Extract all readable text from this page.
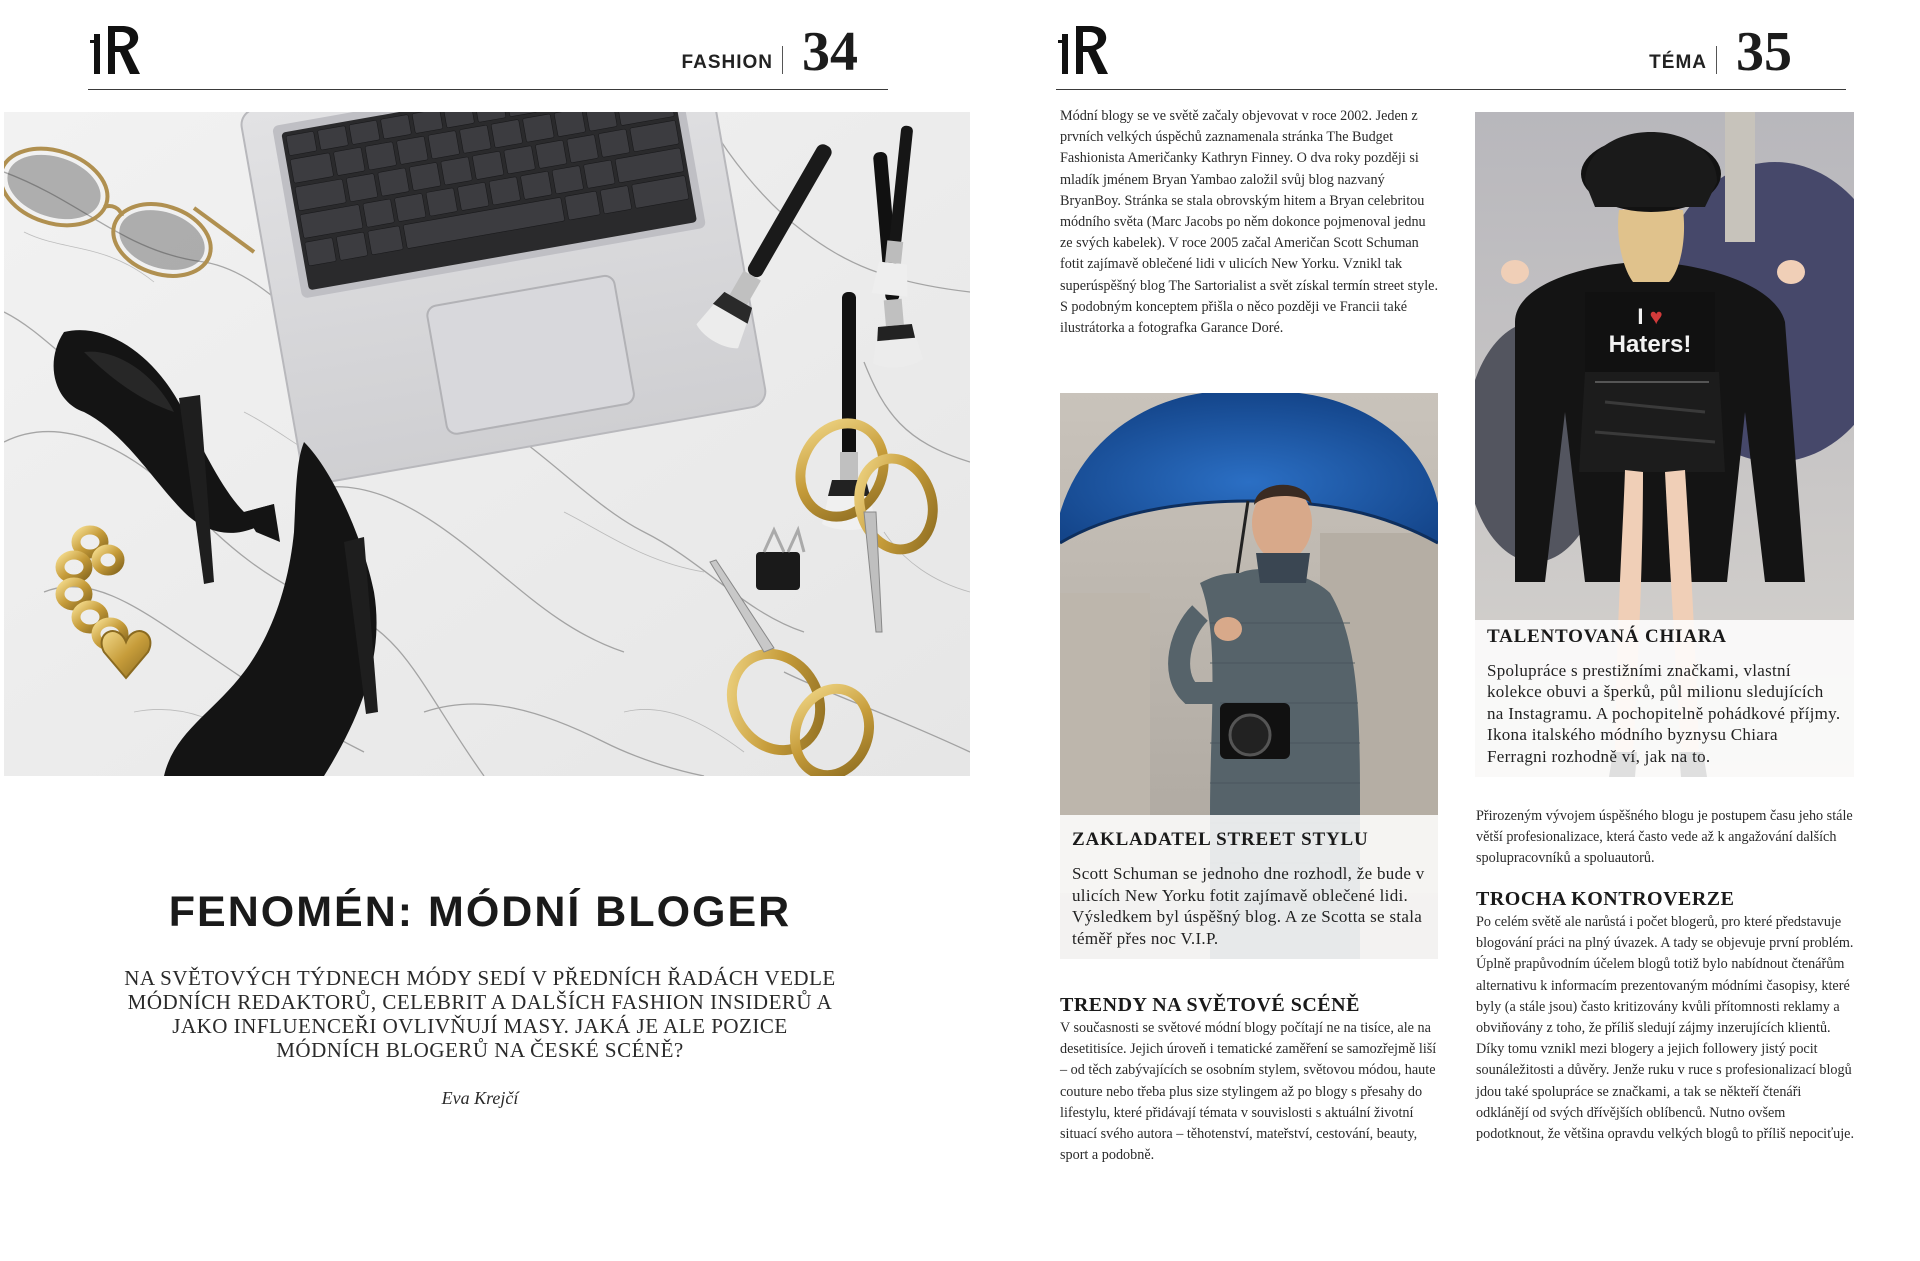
FASHION 34
FENOMÉN: MÓDNÍ BLOGER
NA SVĚTOVÝCH TÝDNECH MÓDY SEDÍ V PŘEDNÍCH ŘADÁCH VEDLE MÓDNÍCH REDAKTORŮ, CELEBRIT A DALŠÍCH FASHION INSIDERŮ A JAKO INFLUENCEŘI OVLIVŇUJÍ MASY. JAKÁ JE ALE POZICE MÓDNÍCH BLOGERŮ NA ČESKÉ SCÉNĚ?
Eva Krejčí
TÉMA 35

Módní blogy se ve světě začaly objevovat v roce 2002. Jeden z prvních velkých úspěchů zaznamenala stránka The Budget Fashionista Američanky Kathryn Finney. O dva roky později si mladík jménem Bryan Yambao založil svůj blog nazvaný BryanBoy. Stránka se stala obrovským hitem a Bryan celebritou módního světa (Marc Jacobs po něm dokonce pojmenoval jednu ze svých kabelek). V roce 2005 začal Američan Scott Schuman fotit zajímavě oblečené lidi v ulicích New Yorku. Vznikl tak superúspěšný blog The Sartorialist a svět získal termín street style. S podobným konceptem přišla o něco později ve Francii také ilustrátorka a fotografka Garance Doré.

ZAKLADATEL STREET STYLU

Scott Schuman se jednoho dne rozhodl, že bude v ulicích New Yorku fotit zajímavě oblečené lidi. Výsledkem byl úspěšný blog. A ze Scotta se stala téměř přes noc V.I.P.

I ♥
Haters!

TALENTOVANÁ CHIARA

Spolupráce s prestižními značkami, vlastní kolekce obuvi a šperků, půl milionu sledujících na Instagramu. A pochopitelně pohádkové příjmy. Ikona italského módního byznysu Chiara Ferragni rozhodně ví, jak na to.

TRENDY NA SVĚTOVÉ SCÉNĚ

V současnosti se světové módní blogy počítají ne na tisíce, ale na desetitisíce. Jejich úroveň i tematické zaměření se samozřejmě liší – od těch zabývajících se osobním stylem, světovou módou, haute couture nebo třeba plus size stylingem až po blogy s přesahy do lifestylu, které přidávají témata v souvislosti s aktuální životní situací svého autora – těhotenství, mateřství, cestování, beauty, sport a podobně.

Přirozeným vývojem úspěšného blogu je postupem času jeho stále větší profesionalizace, která často vede až k angažování dalších spolupracovníků a spoluautorů.

TROCHA KONTROVERZE

Po celém světě ale narůstá i počet blogerů, pro které představuje blogování práci na plný úvazek. A tady se objevuje první problém. Úplně prapůvodním účelem blogů totiž bylo nabídnout čtenářům alternativu k informacím prezentovaným módními časopisy, které byly (a stále jsou) často kritizovány kvůli přítomnosti reklamy a obviňovány z toho, že příliš sledují zájmy inzerujících klientů. Díky tomu vznikl mezi blogery a jejich followery jistý pocit sounáležitosti a důvěry. Jenže ruku v ruce s profesionalizací blogů jdou také spolupráce se značkami, a tak se někteří čtenáři odklánějí od svých dřívějších oblíbenců. Nutno ovšem podotknout, že většina opravdu velkých blogů to příliš nepociťuje.
